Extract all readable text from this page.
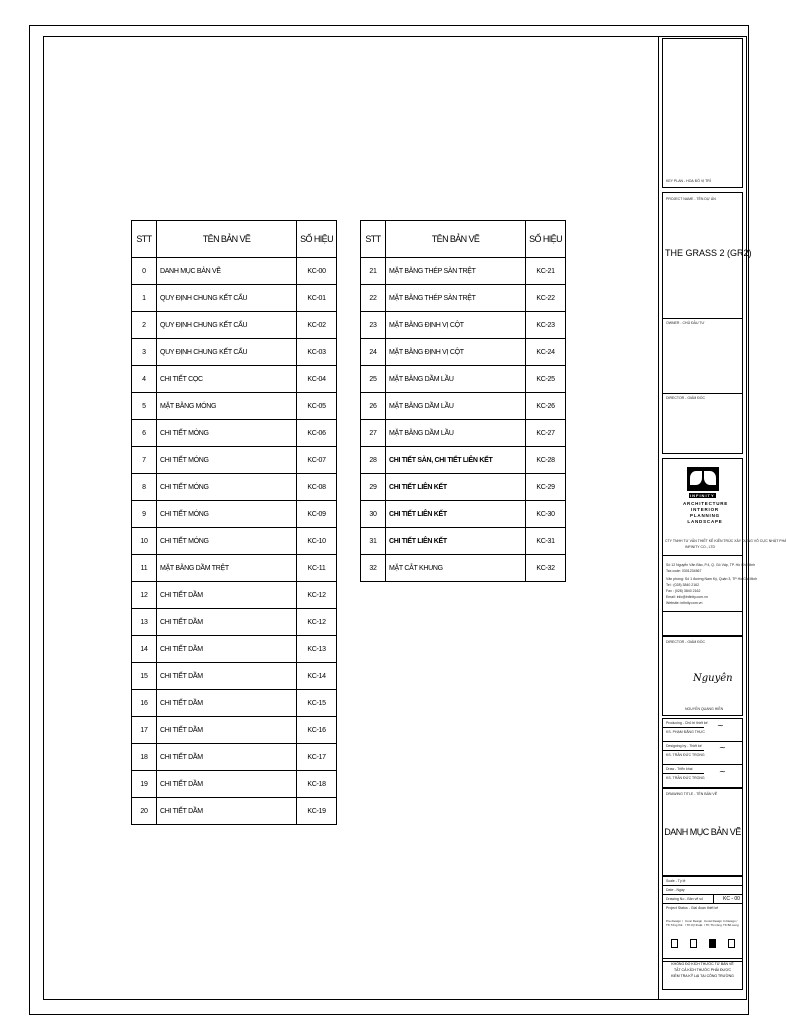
STT	TÊN BẢN VẼ	SỐ HIỆU
0	DANH MỤC BẢN VẼ	KC-00
1	QUY ĐỊNH CHUNG KẾT CẤU	KC-01
2	QUY ĐỊNH CHUNG KẾT CẤU	KC-02
3	QUY ĐỊNH CHUNG KẾT CẤU	KC-03
4	CHI TIẾT CỌC	KC-04
5	MẶT BẰNG MÓNG	KC-05
6	CHI TIẾT MÓNG	KC-06
7	CHI TIẾT MÓNG	KC-07
8	CHI TIẾT MÓNG	KC-08
9	CHI TIẾT MÓNG	KC-09
10	CHI TIẾT MÓNG	KC-10
11	MẶT BẰNG DẦM TRỆT	KC-11
12	CHI TIẾT DẦM	KC-12
13	CHI TIẾT DẦM	KC-12
14	CHI TIẾT DẦM	KC-13
15	CHI TIẾT DẦM	KC-14
16	CHI TIẾT DẦM	KC-15
17	CHI TIẾT DẦM	KC-16
18	CHI TIẾT DẦM	KC-17
19	CHI TIẾT DẦM	KC-18
20	CHI TIẾT DẦM	KC-19
STT	TÊN BẢN VẼ	SỐ HIỆU
21	MẶT BẰNG THÉP SÀN TRỆT	KC-21
22	MẶT BẰNG THÉP SÀN TRỆT	KC-22
23	MẶT BẰNG ĐỊNH VỊ CỘT	KC-23
24	MẶT BẰNG ĐỊNH VỊ CỘT	KC-24
25	MẶT BẰNG DẦM LẦU	KC-25
26	MẶT BẰNG DẦM LẦU	KC-26
27	MẶT BẰNG DẦM LẦU	KC-27
28	CHI TIẾT SÀN, CHI TIẾT LIÊN KẾT	KC-28
29	CHI TIẾT LIÊN KẾT	KC-29
30	CHI TIẾT LIÊN KẾT	KC-30
31	CHI TIẾT LIÊN KẾT	KC-31
32	MẶT CẮT KHUNG	KC-32
KEY PLAN - HOẠ ĐỒ VỊ TRÍ
PROJECT NAME - TÊN DỰ ÁN
THE GRASS 2 (GR2)
OWNER - CHỦ ĐẦU TƯ
DIRECTOR - GIÁM ĐỐC
INFINITY
ARCHITECTURE
INTERIOR
PLANNING
LANDSCAPE
CTY TNHH TƯ VẤN THIẾT KẾ KIẾN TRÚC XÂY DỰNG VÔ CỰC NHẬT PHÁ
INFINITY CO., LTD
Số 12 Nguyễn Văn Bảo, P.4, Q. Gò Vấp, TP. Hồ Chí Minh
Tax code: 0301234567
Văn phòng: Số 1 đường Nam Kỳ, Quận 3, TP Hồ Chí Minh
Tel : (028) 3840 2162
Fax : (028) 3840 2162
Email: info@infinity.com.vn
Website: infinity.com.vn
DIRECTOR - GIÁM ĐỐC
Nguyên
NGUYỄN QUANG HIỀN
Producing - Chủ trì thiết kế
KS. PHẠM ĐĂNG THỰC
~
Designing by - Thiết kế
KS. TRẦN ĐỨC TRỌNG
~
Draw - Triển khai
KS. TRẦN ĐỨC TRỌNG
~
DRAWING TITLE - TÊN BẢN VẼ
DANH MỤC BẢN VẼ
Scale - Tỷ lệ
Date - Ngày
Drawing No - Bản vẽ số	KC - 00
Project Status - Giai đoạn thiết kế
Pre-Design / TK Tổng thể
Conc Design / TK Kỹ thuật
Const Design / TK Thi công
In Design / TK Bổ sung
KHÔNG ĐO KÍCH THƯỚC TỪ BẢN VẼ
TẤT CẢ KÍCH THƯỚC PHẢI ĐƯỢC
KIỂM TRA KỸ LẠI TẠI CÔNG TRƯỜNG
